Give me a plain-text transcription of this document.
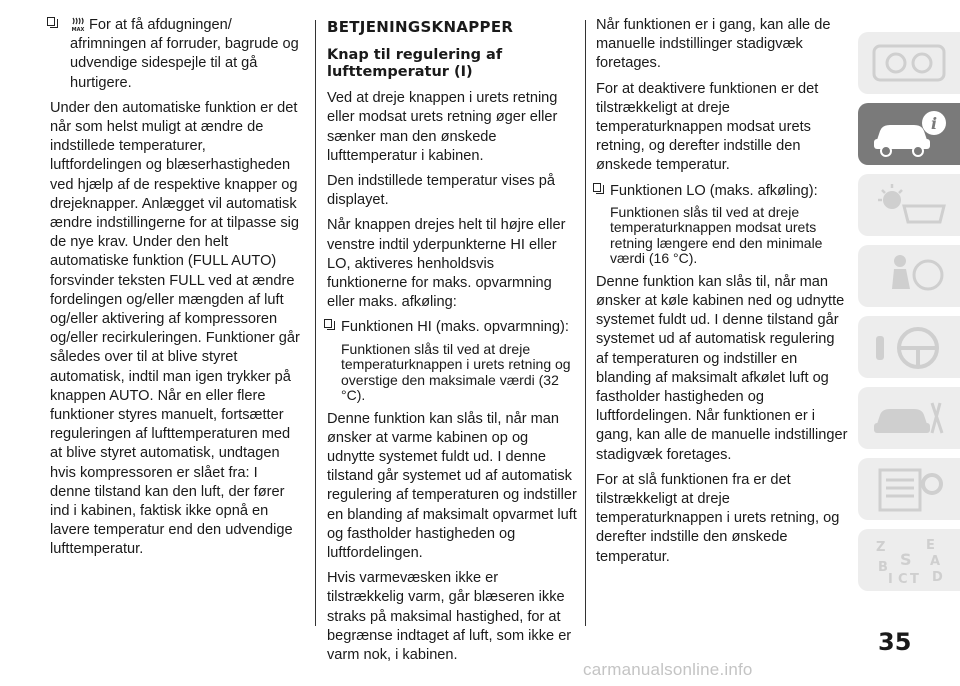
MAX For at få afdugningen/ afrimningen af forruder, bagrude og udvendige sidespejle til at gå hurtigere.

Under den automatiske funktion er det når som helst muligt at ændre de indstillede temperaturer, luftfordelingen og blæserhastigheden ved hjælp af de respektive knapper og drejeknapper. Anlægget vil automatisk ændre indstillingerne for at tilpasse sig de nye krav. Under den helt automatiske funktion (FULL AUTO) forsvinder teksten FULL ved at ændre fordelingen og/eller mængden af luft og/eller aktivering af kompressoren og/eller recirkuleringen. Funktioner går således over til at blive styret automatisk, indtil man igen trykker på knappen AUTO. Når en eller flere funktioner styres manuelt, fortsætter reguleringen af lufttemperaturen med at blive styret automatisk, undtagen hvis kompressoren er slået fra: I denne tilstand kan den luft, der fører ind i kabinen, faktisk ikke opnå en lavere temperatur end den udvendige lufttemperatur.

BETJENINGSKNAPPER
Knap til regulering af lufttemperatur (I)

Ved at dreje knappen i urets retning eller modsat urets retning øger eller sænker man den ønskede lufttemperatur i kabinen.

Den indstillede temperatur vises på displayet.

Når knappen drejes helt til højre eller venstre indtil yderpunkterne HI eller LO, aktiveres henholdsvis funktionerne for maks. opvarmning eller maks. afkøling:

Funktionen HI (maks. opvarmning):
Funktionen slås til ved at dreje temperaturknappen i urets retning og overstige den maksimale værdi (32 °C).

Denne funktion kan slås til, når man ønsker at varme kabinen op og udnytte systemet fuldt ud. I denne tilstand går systemet ud af automatisk regulering af temperaturen og indstiller en blanding af maksimalt opvarmet luft og fastholder hastigheden og luftfordelingen.

Hvis varmevæsken ikke er tilstrækkelig varm, går blæseren ikke straks på maksimal hastighed, for at begrænse indtaget af luft, som ikke er varm nok, i kabinen.

Når funktionen er i gang, kan alle de manuelle indstillinger stadigvæk foretages.

For at deaktivere funktionen er det tilstrækkeligt at dreje temperaturknappen modsat urets retning, og derefter indstille den ønskede temperatur.

Funktionen LO (maks. afkøling):
Funktionen slås til ved at dreje temperaturknappen modsat urets retning længere end den minimale værdi (16 °C).

Denne funktion kan slås til, når man ønsker at køle kabinen ned og udnytte systemet fuldt ud. I denne tilstand går systemet ud af automatisk regulering af temperaturen og indstiller en blanding af maksimalt afkølet luft og fastholder hastigheden og luftfordelingen. Når funktionen er i gang, kan alle de manuelle indstillinger stadigvæk foretages.

For at slå funktionen fra er det tilstrækkeligt at dreje temperaturknappen i urets retning, og derefter indstille den ønskede temperatur.

i
Z	E
S A
B
I C T D
35
carmanualsonline.info
